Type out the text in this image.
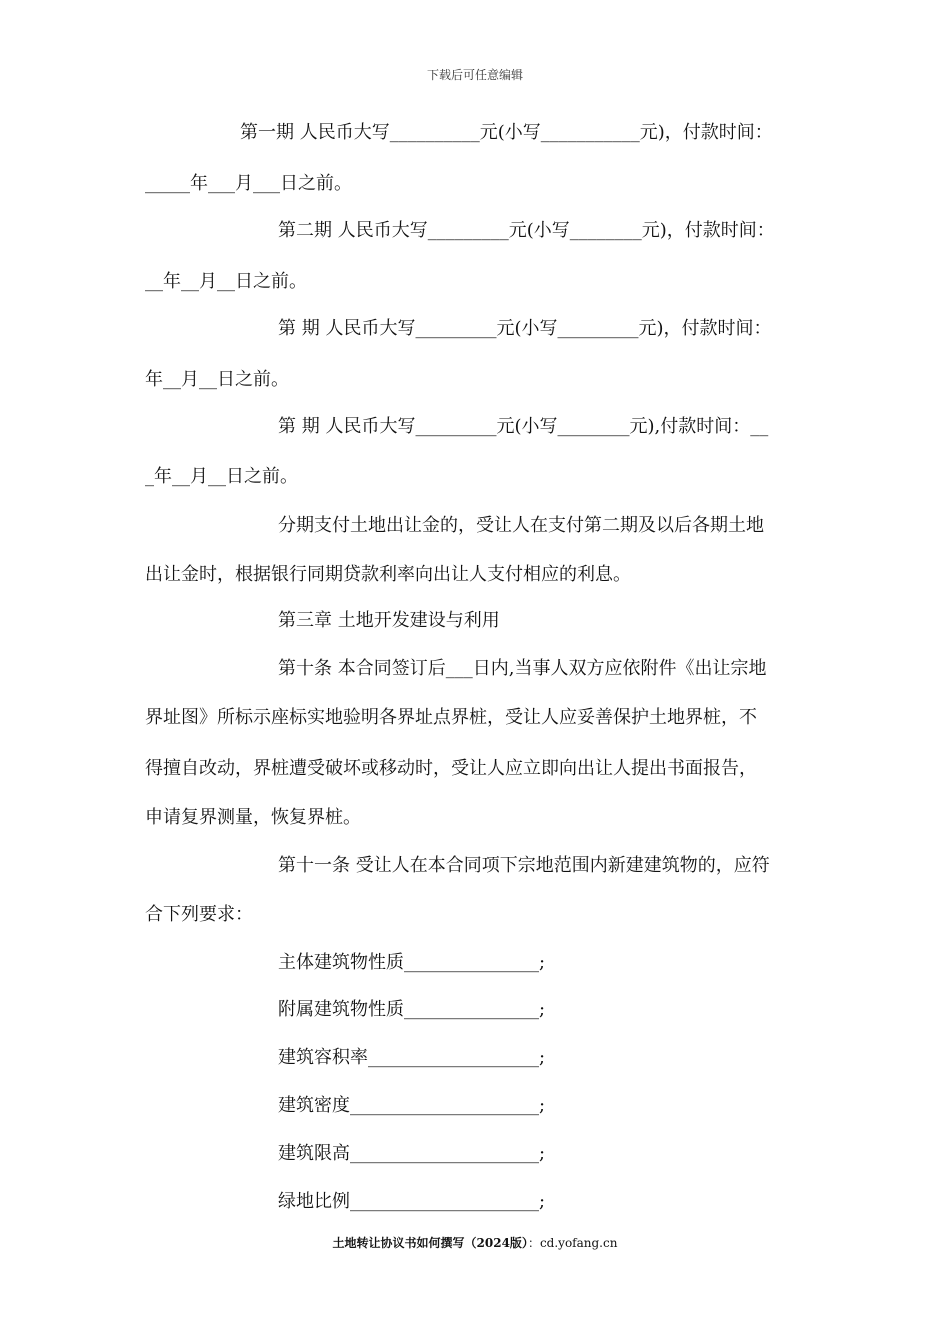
下载后可任意编辑
第一期 人民币大写__________元(小写___________元)，付款时间：
_____年___月___日之前。
第二期 人民币大写_________元(小写________元)，付款时间：
__年__月__日之前。
第 期 人民币大写_________元(小写_________元)，付款时间：
年__月__日之前。
第 期 人民币大写_________元(小写________元),付款时间：__
_年__月__日之前。
分期支付土地出让金的，受让人在支付第二期及以后各期土地
出让金时，根据银行同期贷款利率向出让人支付相应的利息。
第三章 土地开发建设与利用
第十条 本合同签订后___日内,当事人双方应依附件《出让宗地
界址图》所标示座标实地验明各界址点界桩，受让人应妥善保护土地界桩，不
得擅自改动，界桩遭受破坏或移动时，受让人应立即向出让人提出书面报告，
申请复界测量，恢复界桩。
第十一条 受让人在本合同项下宗地范围内新建建筑物的，应符
合下列要求：
主体建筑物性质_______________;
附属建筑物性质_______________;
建筑容积率___________________;
建筑密度_____________________;
建筑限高_____________________;
绿地比例_____________________;
土地转让协议书如何撰写（2024版）：cd.yofang.cn
